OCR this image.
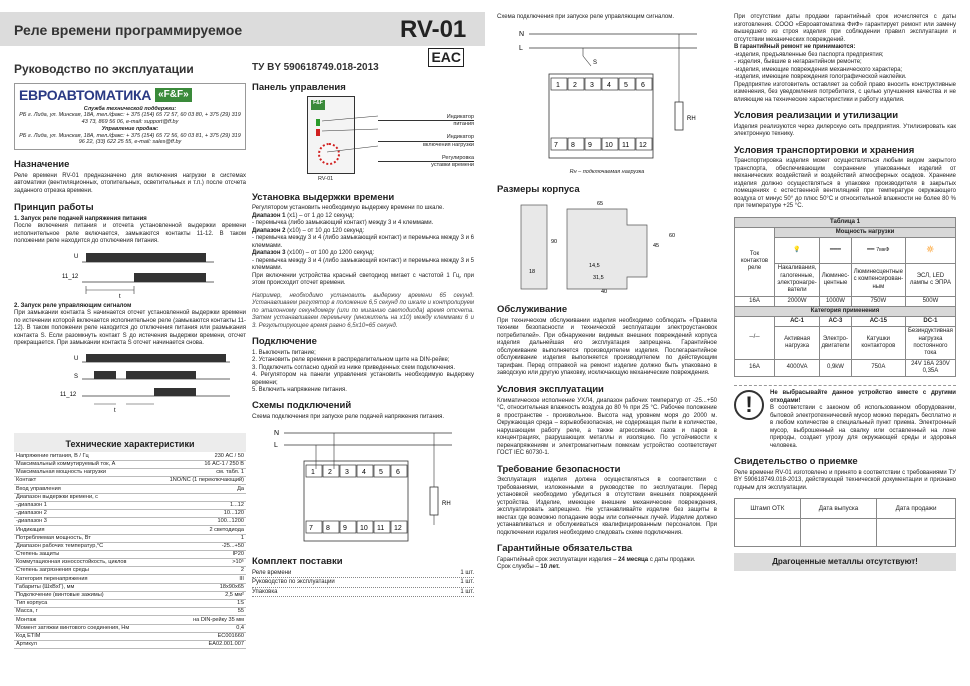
Реле времени программируемое	RV-01
Руководство по эксплуатации
ЕВРОАВТОМАТИКА «F&F»
Служба технической поддержки:
РБ г. Лида, ул. Минская, 18А, тел./факс: + 375 (154) 65 72 57, 60 03 80, + 375 (29) 319 43 73, 869 56 06, e-mail: support@ff.by
Управление продаж:
РБ г. Лида, ул. Минская, 18А, тел./факс: + 375 (154) 65 72 56, 60 03 81, + 375 (29) 319 96 22, (33) 622 25 55, e-mail: sales@ff.by
Назначение
Реле времени RV-01 предназначено для включения нагрузки в системах автоматики (вентиляционных, отопительных, осветительных и т.п.) после отсчета заданного отрезка времени.
Принцип работы
1. Запуск реле подачей напряжения питания
После включения питания и отсчета установленной выдержки времени исполнительное реле включается, замыкаются контакты 11-12. В таком положении реле находится до отключения питания.
U
11_12
t
2. Запуск реле управляющим сигналом
При замыкании контакта S начинается отсчет установленной выдержки времени по истечении которой включается исполнительное реле (замыкаются контакты 11-12). В таком положении реле находится до отключения питания или размыкания контакта S. Если разомкнуть контакт S до истечения выдержки времени, отсчет прекращается. При замыкании контакта S отсчет начинается снова.
U
S
11_12
t
Технические характеристики
Напряжение питания, В / Гц	230 АС / 50
Максимальный коммутируемый ток, А	16 АС-1 / 250 В
Максимальная мощность нагрузки	см. табл. 1
Контакт	1NO/NC (1 переключающий)
Вход управления	Да
Диапазон выдержки времени, с	
-диапазон 1	1...12
-диапазон 2	10...120
-диапазон 3	100...1200
Индикация	2 светодиода
Потребляемая мощность, Вт	1
Диапазон рабочих температур,°С	-25...+50
Степень защиты	IP20
Коммутационная износостойкость, циклов	>10⁵
Степень загрязнения среды	2
Категория перенапряжения	III
Габариты (ШхВхГ), мм	18x90x65
Подключение (винтовые зажимы)	2,5 мм²
Тип корпуса	1S
Масса, г	55
Монтаж	на DIN-рейку 35 мм
Момент затяжки винтового соединения, Нм	0,4
Код ЕТІМ	EC001660
Артикул	EA02.001.007
ТУ BY 590618749.018-2013
EAC
Панель управления
F&F
RV-01
Индикатор
питания
Индикатор
включения нагрузки
Регулировка
уставки времени
Установка выдержки времени
Регулятором установить необходимую выдержку времени по шкале.
Диапазон 1 (х1) – от 1 до 12 секунд:
- перемычка (либо замыкающий контакт) между 3 и 4 клеммами.
Диапазон 2 (х10) – от 10 до 120 секунд:
- перемычка между 3 и 4 (либо замыкающий контакт) и перемычка между 3 и 6 клеммами.
Диапазон 3 (х100) – от 100 до 1200 секунд:
- перемычка между 3 и 4 (либо замыкающий контакт) и перемычка между 3 и 5 клеммами.
При включении устройства красный светодиод мигает с частотой 1 Гц, при этом происходит отсчет времени.
Например, необходимо установить выдержку времени 65 секунд. Устанавливаем регулятор в положение 6,5 секунд по шкале и контролируем по эталонному секундомеру (или по миганию светодиода) время отсчета. Затем устанавливаем перемычку (множитель на х10) между клеммами 6 и 3. Результирующее время равно 6,5х10=65 секунд.
Подключение
1. Выключить питание;
2. Установить реле времени в распределительном щите на DIN-рейке;
3. Подключить согласно одной из ниже приведенных схем подключения.
4. Регулятором на панели управления установить необходимую выдержку времени;
5. Включить напряжение питания.
Схемы подключений
Схема подключения при запуске реле подачей напряжения питания.
N
L
1 2 3 4 5 6
7 8 9 10 11 12
RH
Комплект поставки
Реле времени	1 шт.
Руководство по эксплуатации	1 шт.
Упаковка	1 шт.
Схема подключения при запуске реле управляющим сигналом.
N
L
1 2 3 4 5 6
7 8 9 10 11 12
S
RH
Rн – подключаемая нагрузка
Размеры корпуса
18
14,5
31,5
40
65
45
90
60
Обслуживание
При техническом обслуживании изделия необходимо соблюдать «Правила техники безопасности и технической эксплуатации электроустановок потребителей». При обнаружении видимых внешних повреждений корпуса изделия дальнейшая его эксплуатация запрещена. Гарантийное обслуживание выполняется производителем изделия. Послегарантийное обслуживание изделия выполняется производителем по действующим тарифам. Перед отправкой на ремонт изделие должно быть упаковано в заводскую или другую упаковку, исключающую механические повреждения.
Условия эксплуатации
Климатическое исполнение УХЛ4, диапазон рабочих температур от -25...+50 °С, относительная влажность воздуха до 80 % при 25 °С. Рабочее положение в пространстве - произвольное. Высота над уровнем моря до 2000 м. Окружающая среда – взрывобезопасная, не содержащая пыли в количестве, нарушающем работу реле, а также агрессивных газов и паров в концентрациях, разрушающих металлы и изоляцию. По устойчивости к перенапряжениям и электромагнитным помехам устройство соответствует ГОСТ IEC 60730-1.
Требование безопасности
Эксплуатация изделия должна осуществляться в соответствии с требованиями, изложенными в руководстве по эксплуатации. Перед установкой необходимо убедиться в отсутствии внешних повреждений устройства. Изделие, имеющее внешние механические повреждения, эксплуатировать запрещено. Не устанавливайте изделие без защиты в местах где возможно попадание воды или солнечных лучей. Изделие должно устанавливаться и обслуживаться квалифицированным персоналом. При подключении изделия необходимо следовать схеме подключения.
Гарантийные обязательства
Гарантийный срок эксплуатации изделия – 24 месяца с даты продажи.
Срок службы – 10 лет.
При отсутствии даты продажи гарантийный срок исчисляется с даты изготовления. СООО «Евроавтоматика ФиФ» гарантирует ремонт или замену вышедшего из строя изделия при соблюдении правил эксплуатации и отсутствии механических повреждений.
В гарантийный ремонт не принимаются:
-изделия, предъявленные без паспорта предприятия;
- изделия, бывшие в негарантийном ремонте;
-изделия, имеющие повреждения механического характера;
-изделия, имеющие повреждения голографической наклейки.
Предприятие изготовитель оставляет за собой право вносить конструктивные изменения, без уведомления потребителя, с целью улучшения качества и не влияющие на технические характеристики и работу изделия.
Условия реализации и утилизации
Изделия реализуются через дилерскую сеть предприятия. Утилизировать как электронную технику.
Условия транспортировки и хранения
Транспортировка изделия может осуществляться любым видом закрытого транспорта, обеспечивающим сохранение упакованных изделий от механических воздействий и воздействий атмосферных осадков. Хранение изделия должно осуществляться в упаковке производителя в закрытых помещениях с естественной вентиляцией при температуре окружающего воздуха от минус 50° до плюс 50°С и относительной влажности не более 80 % при температуре +25 °С.
Таблица 1				
Ток контактов реле	Мощность нагрузки			
	💡	━━━	━━ 7мкФ	🔆
	Накаливания, галогенные, электронагре-ватели	Люминес-центные	Люминесцентные с компенсирован-ным	ЭСЛ, LED лампы с ЭПРА
16А	2000W	1000W	750W	500W
Категория применения				
─/─	АС-1	АС-3	АС-15	DC-1
	Активная нагрузка	Электро-двигатели	Катушки контакторов	Безиндуктивная нагрузка постоянного тока
16А	4000VA	0,9kW	750А	24V 16А 230V 0,35А
!	Не выбрасывайте данное устройство вместе с другими отходами!
В соответствии с законом об использованном оборудовании, бытовой электротехнический мусор можно передать бесплатно и в любом количестве в специальный пункт приема. Электронный мусор, выброшенный на свалку или оставленный на лоне природы, создает угрозу для окружающей среды и здоровья человека.
Свидетельство о приемке
Реле времени RV-01 изготовлено и принято в соответствии с требованиями ТУ BY 590618749.018-2013, действующей технической документации и признано годным для эксплуатации.
Штамп ОТК	Дата выпуска	Дата продажи

Драгоценные металлы отсутствуют!
